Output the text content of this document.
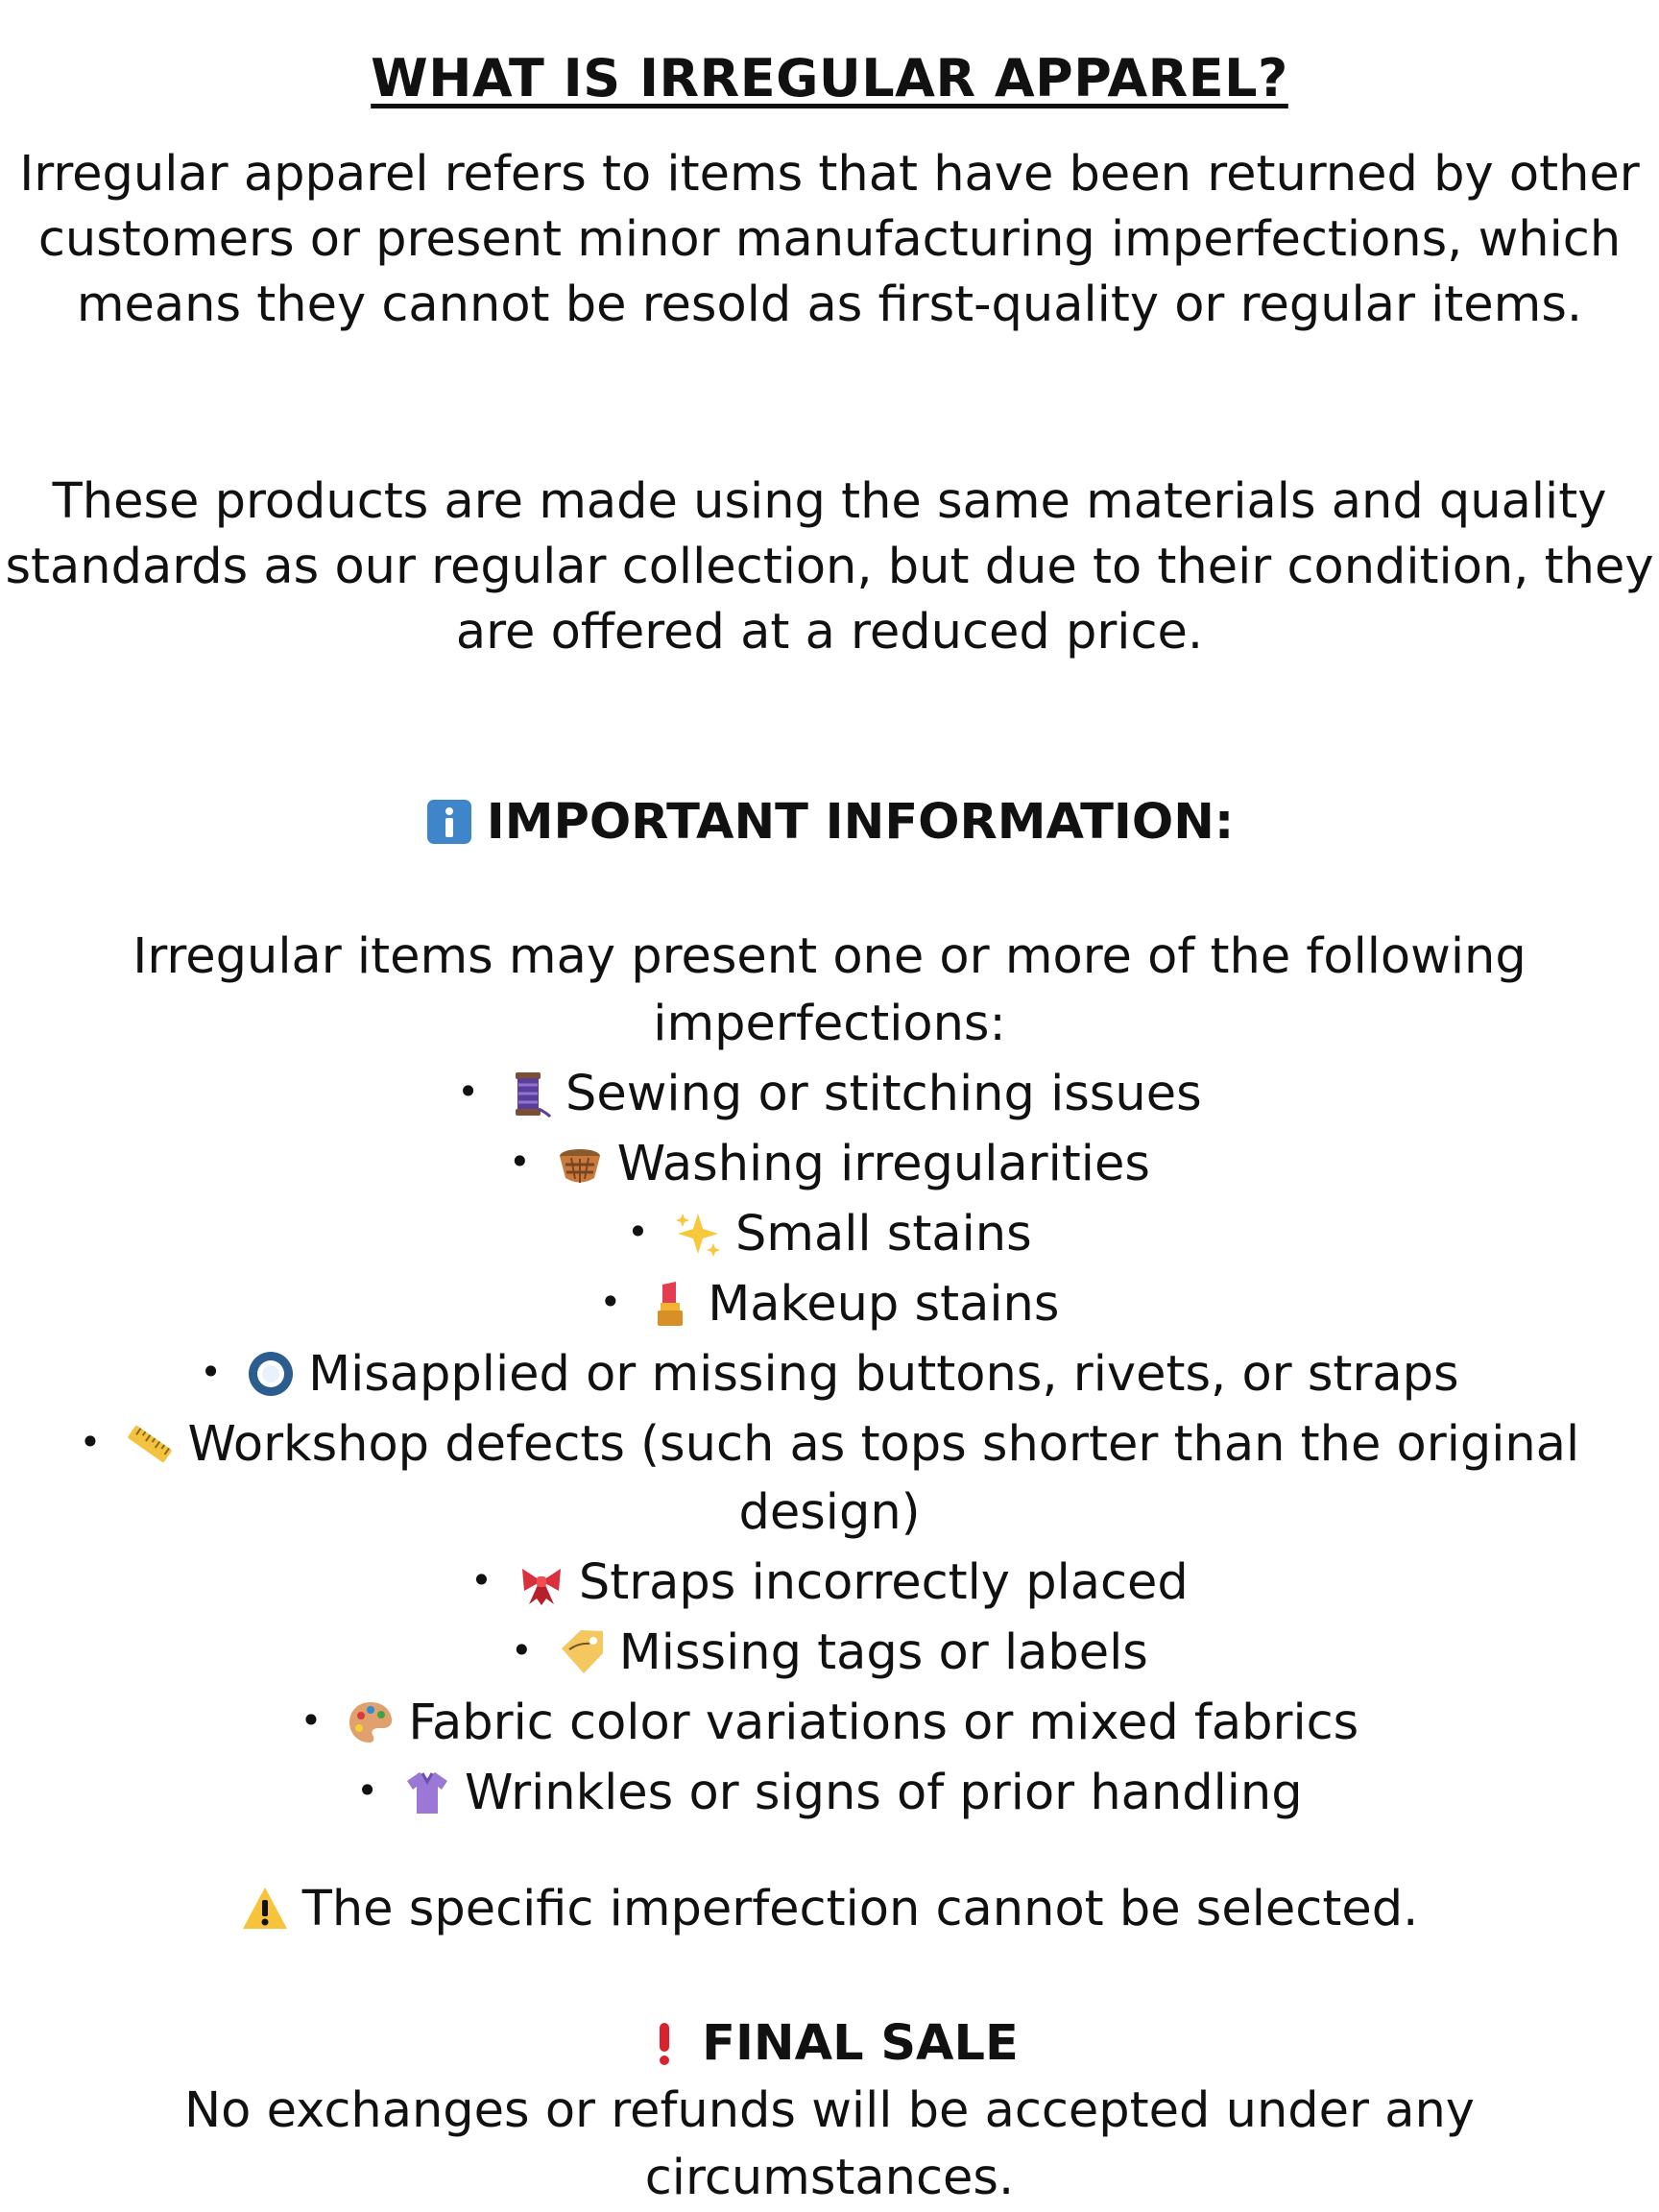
WHAT IS IRREGULAR APPAREL?

Irregular apparel refers to items that have been returned by other customers or present minor manufacturing imperfections, which means they cannot be resold as first-quality or regular items.

These products are made using the same materials and quality standards as our regular collection, but due to their condition, they are offered at a reduced price.

IMPORTANT INFORMATION:

Irregular items may present one or more of the following imperfections:

• Sewing or stitching issues
• Washing irregularities
• Small stains
• Makeup stains
• Misapplied or missing buttons, rivets, or straps
• Workshop defects (such as tops shorter than the original design)
• Straps incorrectly placed
• Missing tags or labels
• Fabric color variations or mixed fabrics
• Wrinkles or signs of prior handling

The specific imperfection cannot be selected.

FINAL SALE

No exchanges or refunds will be accepted under any circumstances.
